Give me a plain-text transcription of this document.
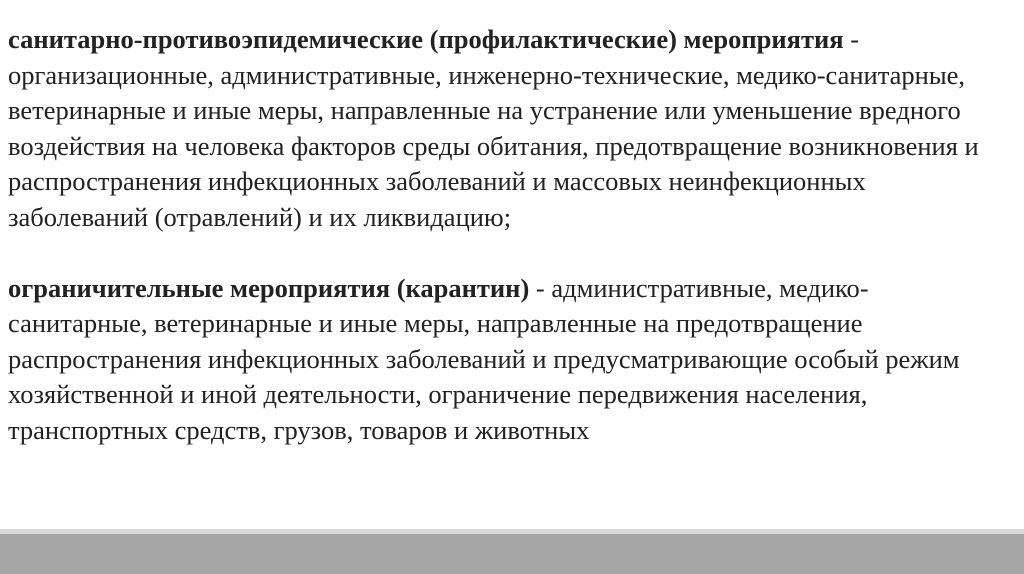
санитарно-противоэпидемические (профилактические) мероприятия - организационные, административные, инженерно-технические, медико-санитарные, ветеринарные и иные меры, направленные на устранение или уменьшение вредного воздействия на человека факторов среды обитания, предотвращение возникновения и распространения инфекционных заболеваний и массовых неинфекционных заболеваний (отравлений) и их ликвидацию;

ограничительные мероприятия (карантин) - административные, медико-санитарные, ветеринарные и иные меры, направленные на предотвращение распространения инфекционных заболеваний и предусматривающие особый режим хозяйственной и иной деятельности, ограничение передвижения населения, транспортных средств, грузов, товаров и животных
